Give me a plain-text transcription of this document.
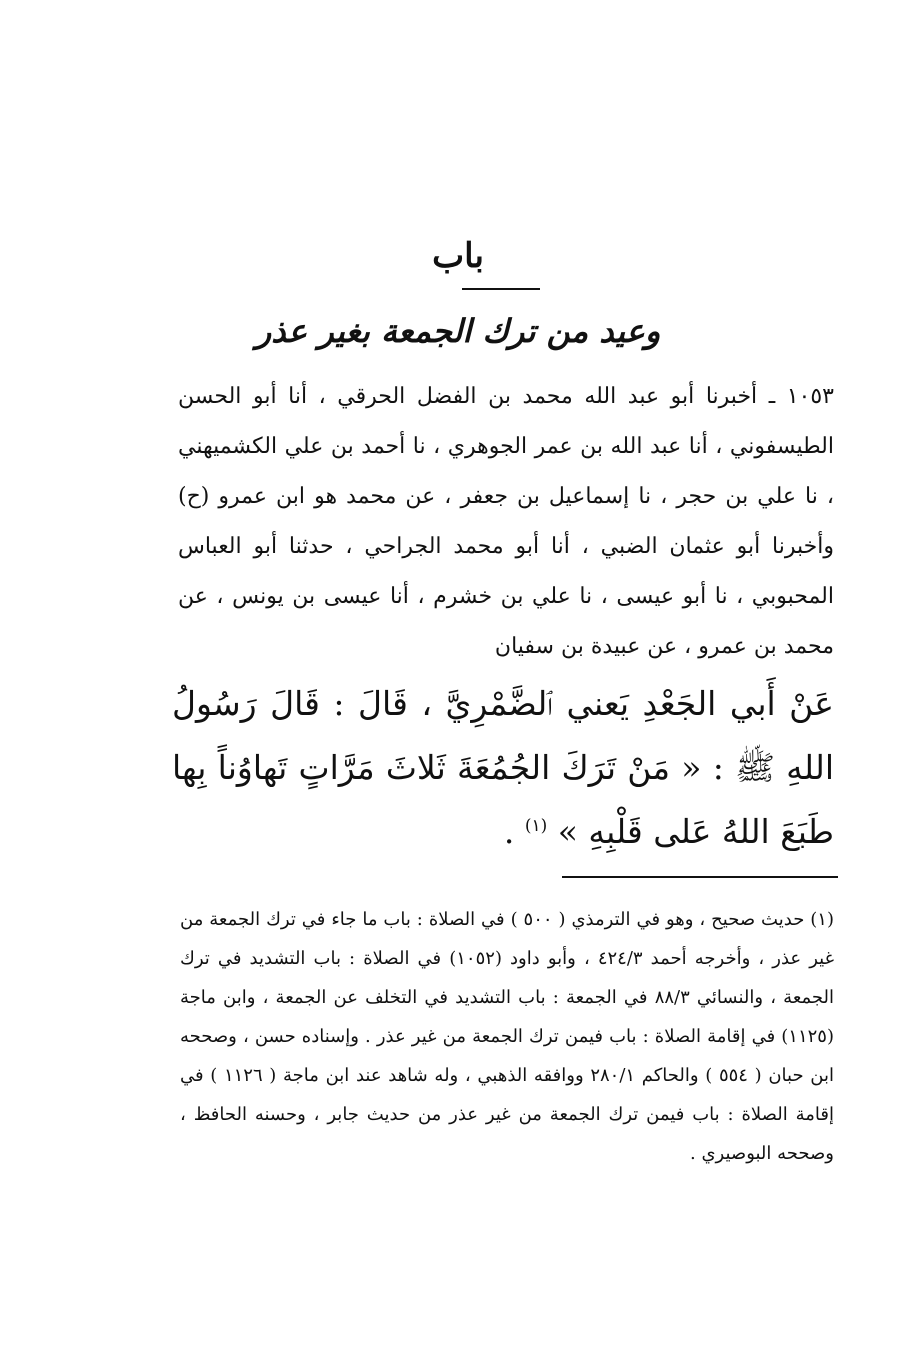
باب
وعيد من ترك الجمعة بغير عذر

١٠٥٣ ـ أخبرنا أبو عبد الله محمد بن الفضل الحرقي ، أنا أبو الحسن الطيسفوني ، أنا عبد الله بن عمر الجوهري ، نا أحمد بن علي الكشميهني ، نا علي بن حجر ، نا إسماعيل بن جعفر ، عن محمد هو ابن عمرو (ح) وأخبرنا أبو عثمان الضبي ، أنا أبو محمد الجراحي ، حدثنا أبو العباس المحبوبي ، نا أبو عيسى ، نا علي بن خشرم ، أنا عيسى بن يونس ، عن محمد بن عمرو ، عن عبيدة بن سفيان

عَنْ أَبي الجَعْدِ يَعني ٱلضَّمْرِيَّ ، قَالَ : قَالَ رَسُولُ اللهِ ﷺ : « مَنْ تَرَكَ الجُمُعَةَ ثَلاثَ مَرَّاتٍ تَهاوُناً بِها طَبَعَ اللهُ عَلى قَلْبِهِ » $^{(١)}$ .

(١) حديث صحيح ، وهو في الترمذي ( ٥٠٠ ) في الصلاة : باب ما جاء في ترك الجمعة من غير عذر ، وأخرجه أحمد ٤٢٤/٣ ، وأبو داود (١٠٥٢) في الصلاة : باب التشديد في ترك الجمعة ، والنسائي ٨٨/٣ في الجمعة : باب التشديد في التخلف عن الجمعة ، وابن ماجة (١١٢٥) في إقامة الصلاة : باب فيمن ترك الجمعة من غير عذر . وإسناده حسن ، وصححه ابن حبان ( ٥٥٤ ) والحاكم ٢٨٠/١ ووافقه الذهبي ، وله شاهد عند ابن ماجة ( ١١٢٦ ) في إقامة الصلاة : باب فيمن ترك الجمعة من غير عذر من حديث جابر ، وحسنه الحافظ ، وصححه البوصيري .
